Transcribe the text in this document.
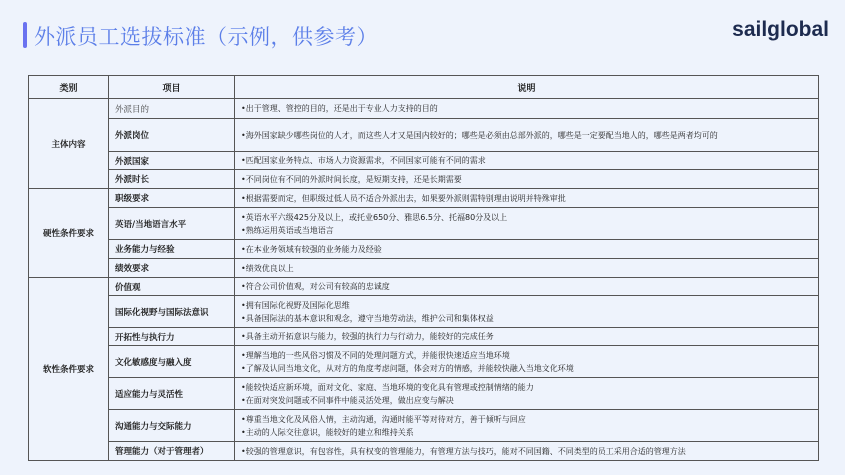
外派员工选拔标准（示例，供参考）	sailglobal
类别	项目	说明
主体内容	外派目的	•出于管理、管控的目的，还是出于专业人力支持的目的

	外派岗位	•海外国家缺少哪些岗位的人才，而这些人才又是国内较好的；哪些是必须由总部外派的，哪些是一定要配当地人的，哪些是两者均可的

	外派国家	•匹配国家业务特点、市场人力资源需求，不同国家可能有不同的需求

	外派时长	•不同岗位有不同的外派时间长度，是短期支持，还是长期需要

硬性条件要求	职级要求	•根据需要而定，但职级过低人员不适合外派出去，如果要外派则需特别理由说明并特殊审批

	英语/当地语言水平	•英语水平六级425分及以上，或托业650分、雅思6.5分、托福80分及以上
•熟练运用英语或当地语言

	业务能力与经验	•在本业务领域有较强的业务能力及经验

	绩效要求	•绩效优良以上

软性条件要求	价值观	•符合公司价值观，对公司有较高的忠诚度

	国际化视野与国际法意识	•拥有国际化视野及国际化思维
•具备国际法的基本意识和观念，遵守当地劳动法，维护公司和集体权益

	开拓性与执行力	•具备主动开拓意识与能力，较强的执行力与行动力，能较好的完成任务

	文化敏感度与融入度	•理解当地的一些风俗习惯及不同的处理问题方式，并能很快速适应当地环境
•了解及认同当地文化，从对方的角度考虑问题，体会对方的情感，并能较快融入当地文化环境

	适应能力与灵活性	•能较快适应新环境，面对文化、家庭、当地环境的变化具有管理或控制情绪的能力
•在面对突发问题或不同事件中能灵活处理，做出应变与解决

	沟通能力与交际能力	•尊重当地文化及风俗人情，主动沟通，沟通时能平等对待对方，善于倾听与回应
•主动的人际交往意识，能较好的建立和维持关系

	管理能力（对于管理者）	•较强的管理意识，有包容性，具有权变的管理能力，有管理方法与技巧，能对不同国籍、不同类型的员工采用合适的管理方法
